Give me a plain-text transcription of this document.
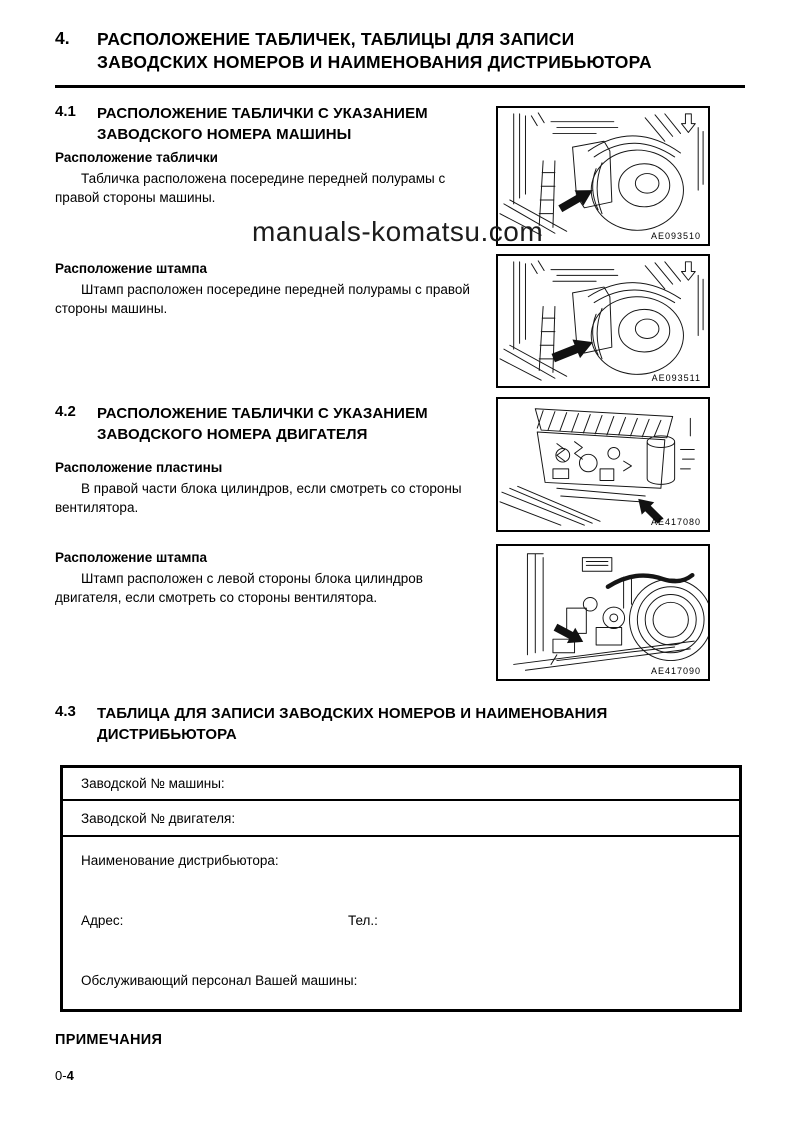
4.	РАСПОЛОЖЕНИЕ ТАБЛИЧЕК, ТАБЛИЦЫ ДЛЯ ЗАПИСИ ЗАВОДСКИХ НОМЕРОВ И НАИМЕНОВАНИЯ ДИСТРИБЬЮТОРА
4.1	РАСПОЛОЖЕНИЕ ТАБЛИЧКИ С УКАЗАНИЕМ ЗАВОДСКОГО НОМЕРА МАШИНЫ
Расположение таблички
Табличка расположена посередине передней полурамы с правой стороны машины.
manuals-komatsu.com
Расположение штампа
Штамп расположен посередине передней полурамы с правой стороны машины.
4.2	РАСПОЛОЖЕНИЕ ТАБЛИЧКИ С УКАЗАНИЕМ ЗАВОДСКОГО НОМЕРА ДВИГАТЕЛЯ
Расположение пластины
В правой части блока цилиндров, если смотреть со стороны вентилятора.
Расположение штампа
Штамп расположен с левой стороны блока цилиндров двигателя, если смотреть со стороны вентилятора.
AE093510
AE093511
AE417080
AE417090
4.3	ТАБЛИЦА ДЛЯ ЗАПИСИ ЗАВОДСКИХ НОМЕРОВ И НАИМЕНОВАНИЯ ДИСТРИБЬЮТОРА
Заводской № машины:
Заводской № двигателя:
Наименование дистрибьютора:
Адрес:	Тел.:
Обслуживающий персонал Вашей машины:
ПРИМЕЧАНИЯ
0-4
